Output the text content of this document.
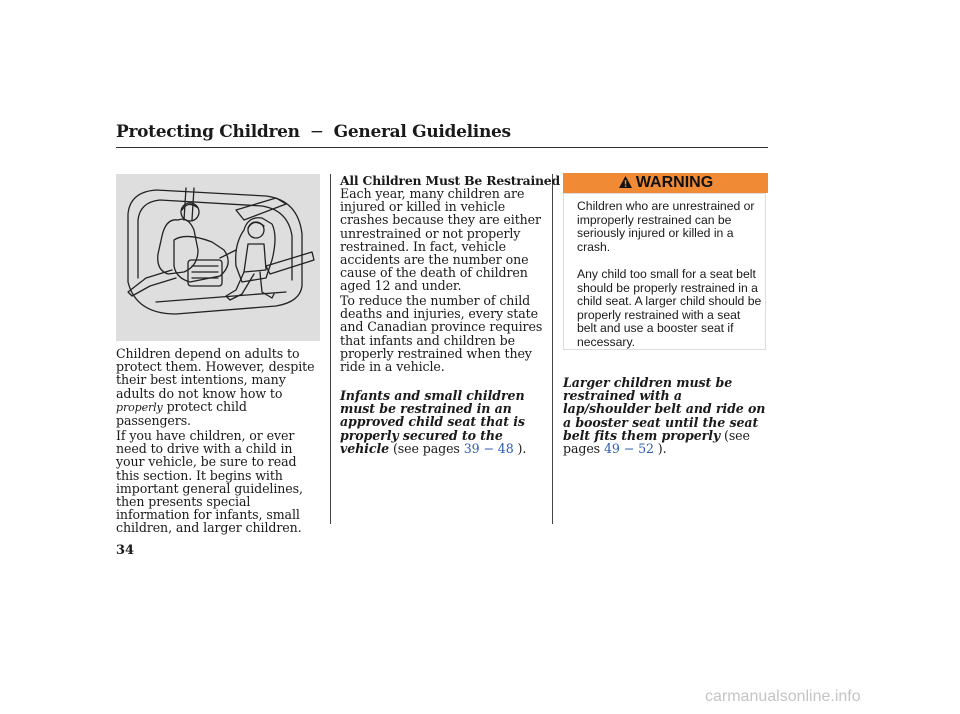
Protecting Children − General Guidelines
Children depend on adults to protect them. However, despite their best intentions, many adults do not know how to properly protect child passengers.
If you have children, or ever need to drive with a child in your vehicle, be sure to read this section. It begins with important general guidelines, then presents special information for infants, small children, and larger children.
All Children Must Be Restrained
Each year, many children are injured or killed in vehicle crashes because they are either unrestrained or not properly restrained. In fact, vehicle accidents are the number one cause of the death of children aged 12 and under.
To reduce the number of child deaths and injuries, every state and Canadian province requires that infants and children be properly restrained when they ride in a vehicle.
Infants and small children must be restrained in an approved child seat that is properly secured to the vehicle (see pages 39 − 48 ).
WARNING
Children who are unrestrained or improperly restrained can be seriously injured or killed in a crash.
Any child too small for a seat belt should be properly restrained in a child seat. A larger child should be properly restrained with a seat belt and use a booster seat if necessary.
Larger children must be restrained with a lap/shoulder belt and ride on a booster seat until the seat belt fits them properly (see pages 49 − 52 ).
34
carmanualsonline.info
